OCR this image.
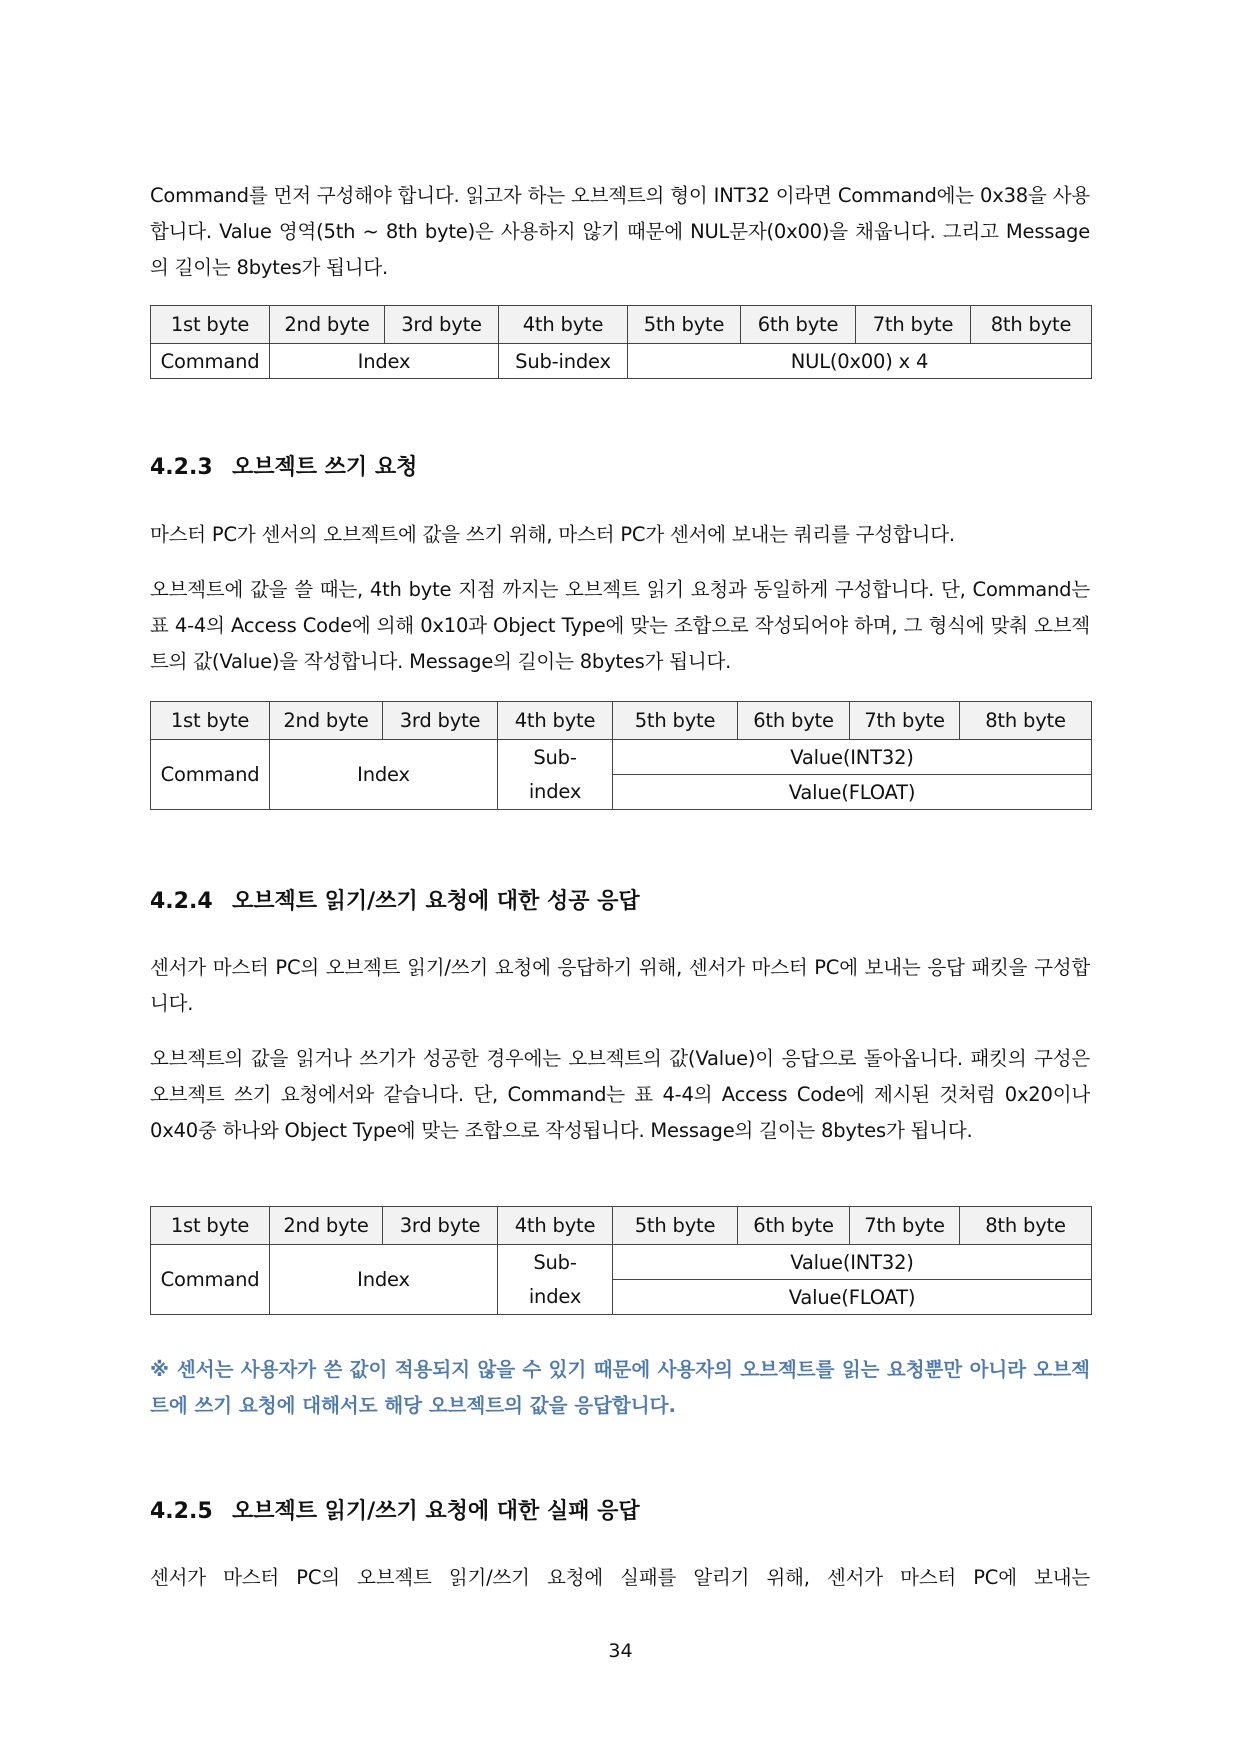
Command를 먼저 구성해야 합니다. 읽고자 하는 오브젝트의 형이 INT32 이라면 Command에는 0x38을 사용합니다. Value 영역(5th ~ 8th byte)은 사용하지 않기 때문에 NUL문자(0x00)을 채웁니다. 그리고 Message의 길이는 8bytes가 됩니다.

1st byte	2nd byte	3rd byte	4th byte	5th byte	6th byte	7th byte	8th byte
Command	Index		Sub-index	NUL(0x00) x 4			
4.2.3 오브젝트 쓰기 요청

마스터 PC가 센서의 오브젝트에 값을 쓰기 위해, 마스터 PC가 센서에 보내는 쿼리를 구성합니다.

오브젝트에 값을 쓸 때는, 4th byte 지점 까지는 오브젝트 읽기 요청과 동일하게 구성합니다. 단, Command는 표 4-4의 Access Code에 의해 0x10과 Object Type에 맞는 조합으로 작성되어야 하며, 그 형식에 맞춰 오브젝트의 값(Value)을 작성합니다. Message의 길이는 8bytes가 됩니다.

1st byte	2nd byte	3rd byte	4th byte	5th byte	6th byte	7th byte	8th byte
Command	Index		Sub-	Value(INT32)			
			index	Value(FLOAT)			
4.2.4 오브젝트 읽기/쓰기 요청에 대한 성공 응답

센서가 마스터 PC의 오브젝트 읽기/쓰기 요청에 응답하기 위해, 센서가 마스터 PC에 보내는 응답 패킷을 구성합니다.

오브젝트의 값을 읽거나 쓰기가 성공한 경우에는 오브젝트의 값(Value)이 응답으로 돌아옵니다. 패킷의 구성은 오브젝트 쓰기 요청에서와 같습니다. 단, Command는 표 4-4의 Access Code에 제시된 것처럼 0x20이나 0x40중 하나와 Object Type에 맞는 조합으로 작성됩니다. Message의 길이는 8bytes가 됩니다.

1st byte	2nd byte	3rd byte	4th byte	5th byte	6th byte	7th byte	8th byte
Command	Index		Sub-	Value(INT32)			
			index	Value(FLOAT)			

※ 센서는 사용자가 쓴 값이 적용되지 않을 수 있기 때문에 사용자의 오브젝트를 읽는 요청뿐만 아니라 오브젝트에 쓰기 요청에 대해서도 해당 오브젝트의 값을 응답합니다.

4.2.5 오브젝트 읽기/쓰기 요청에 대한 실패 응답

센서가 마스터 PC의 오브젝트 읽기/쓰기 요청에 실패를 알리기 위해, 센서가 마스터 PC에 보내는

34
